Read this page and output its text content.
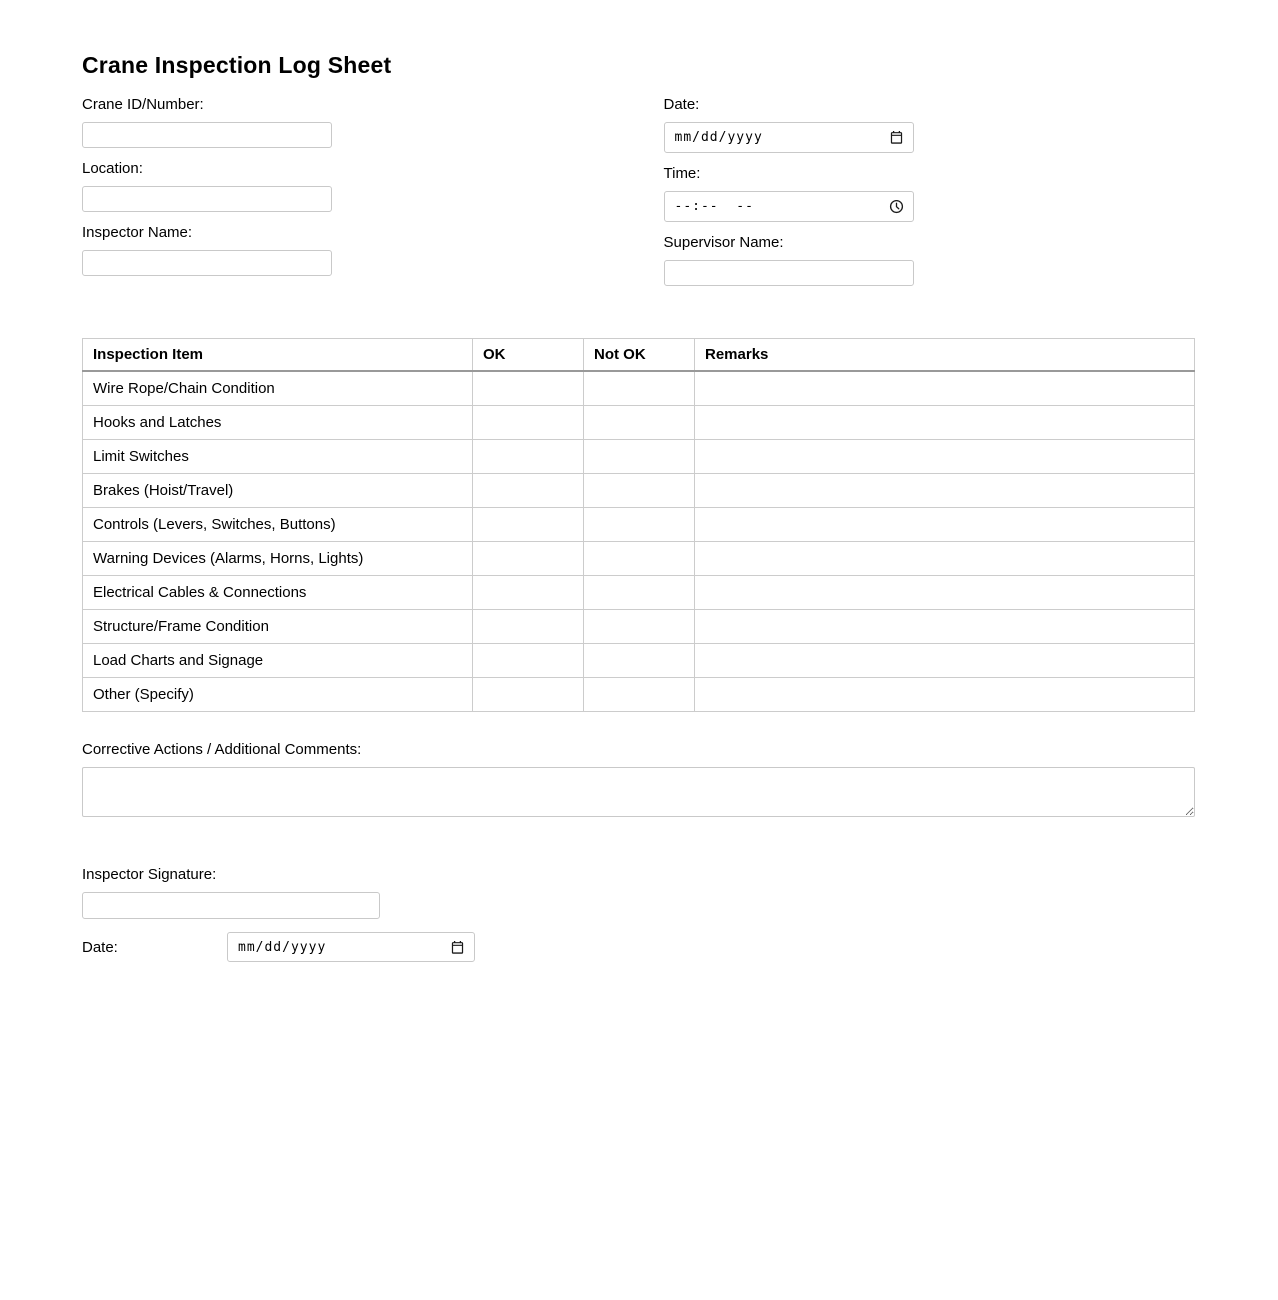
Crane Inspection Log Sheet
Crane ID/Number:
Location:
Inspector Name:
Date:
mm/dd/yyyy
Time:
--:--  --
Supervisor Name:
Inspection Item	OK	Not OK	Remarks
Wire Rope/Chain Condition			
Hooks and Latches			
Limit Switches			
Brakes (Hoist/Travel)			
Controls (Levers, Switches, Buttons)			
Warning Devices (Alarms, Horns, Lights)			
Electrical Cables & Connections			
Structure/Frame Condition			
Load Charts and Signage			
Other (Specify)			
Corrective Actions / Additional Comments:
Inspector Signature:
Date:	mm/dd/yyyy
